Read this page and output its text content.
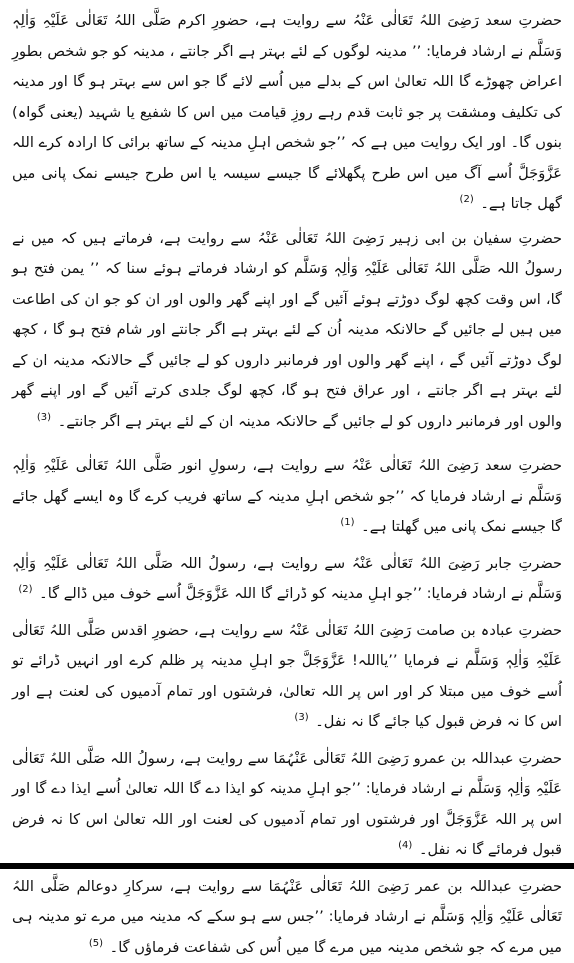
حضرتِ سعد رَضِیَ اللہُ تَعَالٰی عَنْہُ سے روایت ہے، حضورِ اکرم صَلَّی اللہُ تَعَالٰی عَلَیْہِ وَاٰلِہٖ وَسَلَّم نے ارشاد فرمایا: ’’ مدینہ لوگوں کے لئے بہتر ہے اگر جانتے ، مدینہ کو جو شخص بطورِ اعراض چھوڑے گا اللہ تعالیٰ اس کے بدلے میں اُسے لائے گا جو اس سے بہتر ہو گا اور مدینہ کی تکلیف ومشقت پر جو ثابت قدم رہے روزِ قیامت میں اس کا شفیع یا شہید (یعنی گواہ) بنوں گا۔ اور ایک روایت میں ہے کہ ’’جو شخص اہلِ مدینہ کے ساتھ برائی کا ارادہ کرے اللہ عَزَّوَجَلَّ اُسے آگ میں اس طرح پگھلائے گا جیسے سیسہ یا اس طرح جیسے نمک پانی میں گھل جاتا ہے۔ $^{(2)}$

حضرتِ سفیان بن ابی زہیر رَضِیَ اللہُ تَعَالٰی عَنْہُ سے روایت ہے، فرماتے ہیں کہ میں نے رسولُ اللہ صَلَّی اللہُ تَعَالٰی عَلَیْہِ وَاٰلِہٖ وَسَلَّم کو ارشاد فرماتے ہوئے سنا کہ ’’ یمن فتح ہو گا، اس وقت کچھ لوگ دوڑتے ہوئے آئیں گے اور اپنے گھر والوں اور ان کو جو ان کی اطاعت میں ہیں لے جائیں گے حالانکہ مدینہ اُن کے لئے بہتر ہے اگر جانتے اور شام فتح ہو گا ، کچھ لوگ دوڑتے آئیں گے ، اپنے گھر والوں اور فرمانبر داروں کو لے جائیں گے حالانکہ مدینہ ان کے لئے بہتر ہے اگر جانتے ، اور عراق فتح ہو گا، کچھ لوگ جلدی کرتے آئیں گے اور اپنے گھر والوں اور فرمانبر داروں کو لے جائیں گے حالانکہ مدینہ ان کے لئے بہتر ہے اگر جانتے۔ $^{(3)}$

حضرتِ سعد رَضِیَ اللہُ تَعَالٰی عَنْہُ سے روایت ہے، رسولِ انور صَلَّی اللہُ تَعَالٰی عَلَیْہِ وَاٰلِہٖ وَسَلَّم نے ارشاد فرمایا کہ ’’جو شخص اہلِ مدینہ کے ساتھ فریب کرے گا وہ ایسے گھل جائے گا جیسے نمک پانی میں گھلتا ہے۔ $^{(1)}$

حضرتِ جابر رَضِیَ اللہُ تَعَالٰی عَنْہُ سے روایت ہے، رسولُ اللہ صَلَّی اللہُ تَعَالٰی عَلَیْہِ وَاٰلِہٖ وَسَلَّم نے ارشاد فرمایا: ’’جو اہلِ مدینہ کو ڈرائے گا اللہ عَزَّوَجَلَّ اُسے خوف میں ڈالے گا۔ $^{(2)}$

حضرتِ عبادہ بن صامت رَضِیَ اللہُ تَعَالٰی عَنْہُ سے روایت ہے، حضورِ اقدس صَلَّی اللہُ تَعَالٰی عَلَیْہِ وَاٰلِہٖ وَسَلَّم نے فرمایا ’’یااللہ! عَزَّوَجَلَّ جو اہلِ مدینہ پر ظلم کرے اور انہیں ڈرائے تو اُسے خوف میں مبتلا کر اور اس پر اللہ تعالیٰ، فرشتوں اور تمام آدمیوں کی لعنت ہے اور اس کا نہ فرض قبول کیا جائے گا نہ نفل۔ $^{(3)}$

حضرتِ عبداللہ بن عمرو رَضِیَ اللہُ تَعَالٰی عَنْہُمَا سے روایت ہے، رسولُ اللہ صَلَّی اللہُ تَعَالٰی عَلَیْہِ وَاٰلِہٖ وَسَلَّم نے ارشاد فرمایا: ’’جو اہلِ مدینہ کو ایذا دے گا اللہ تعالیٰ اُسے ایذا دے گا اور اس پر اللہ عَزَّوَجَلَّ اور فرشتوں اور تمام آدمیوں کی لعنت اور اللہ تعالیٰ اس کا نہ فرض قبول فرمائے گا نہ نفل۔ $^{(4)}$

حضرتِ عبداللہ بن عمر رَضِیَ اللہُ تَعَالٰی عَنْہُمَا سے روایت ہے، سرکارِ دوعالم صَلَّی اللہُ تَعَالٰی عَلَیْہِ وَاٰلِہٖ وَسَلَّم نے ارشاد فرمایا: ’’جس سے ہو سکے کہ مدینہ میں مرے تو مدینہ ہی میں مرے کہ جو شخص مدینہ میں مرے گا میں اُس کی شفاعت فرماؤں گا۔ $^{(5)}$
